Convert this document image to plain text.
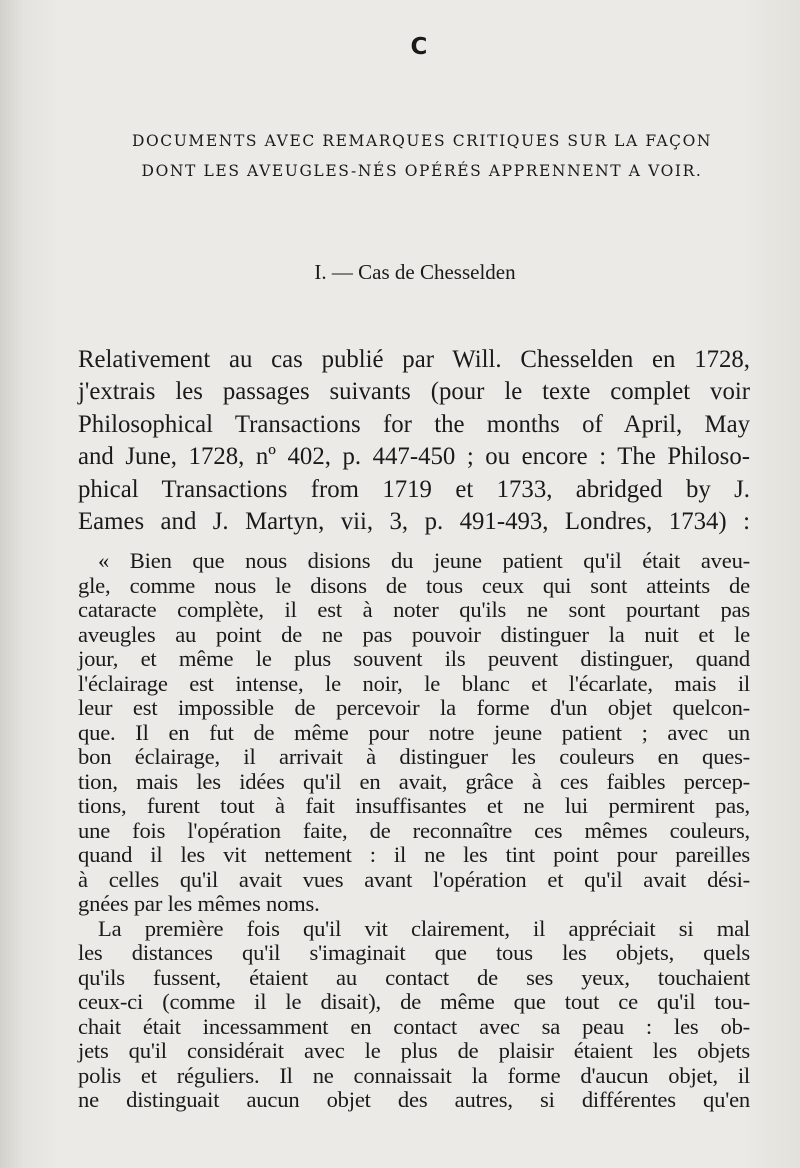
C
DOCUMENTS AVEC REMARQUES CRITIQUES SUR LA FAÇON
DONT LES AVEUGLES-NÉS OPÉRÉS APPRENNENT A VOIR.
I. — Cas de Chesselden
Relativement au cas publié par Will. Chesselden en 1728,
j'extrais les passages suivants (pour le texte complet voir
Philosophical Transactions for the months of April, May
and June, 1728, nº 402, p. 447-450 ; ou encore : The Philoso-
phical Transactions from 1719 et 1733, abridged by J.
Eames and J. Martyn, vii, 3, p. 491-493, Londres, 1734) :
« Bien que nous disions du jeune patient qu'il était aveu-
gle, comme nous le disons de tous ceux qui sont atteints de
cataracte complète, il est à noter qu'ils ne sont pourtant pas
aveugles au point de ne pas pouvoir distinguer la nuit et le
jour, et même le plus souvent ils peuvent distinguer, quand
l'éclairage est intense, le noir, le blanc et l'écarlate, mais il
leur est impossible de percevoir la forme d'un objet quelcon-
que. Il en fut de même pour notre jeune patient ; avec un
bon éclairage, il arrivait à distinguer les couleurs en ques-
tion, mais les idées qu'il en avait, grâce à ces faibles percep-
tions, furent tout à fait insuffisantes et ne lui permirent pas,
une fois l'opération faite, de reconnaître ces mêmes couleurs,
quand il les vit nettement : il ne les tint point pour pareilles
à celles qu'il avait vues avant l'opération et qu'il avait dési-
gnées par les mêmes noms.
La première fois qu'il vit clairement, il appréciait si mal
les distances qu'il s'imaginait que tous les objets, quels
qu'ils fussent, étaient au contact de ses yeux, touchaient
ceux-ci (comme il le disait), de même que tout ce qu'il tou-
chait était incessamment en contact avec sa peau : les ob-
jets qu'il considérait avec le plus de plaisir étaient les objets
polis et réguliers. Il ne connaissait la forme d'aucun objet, il
ne distinguait aucun objet des autres, si différentes qu'en
